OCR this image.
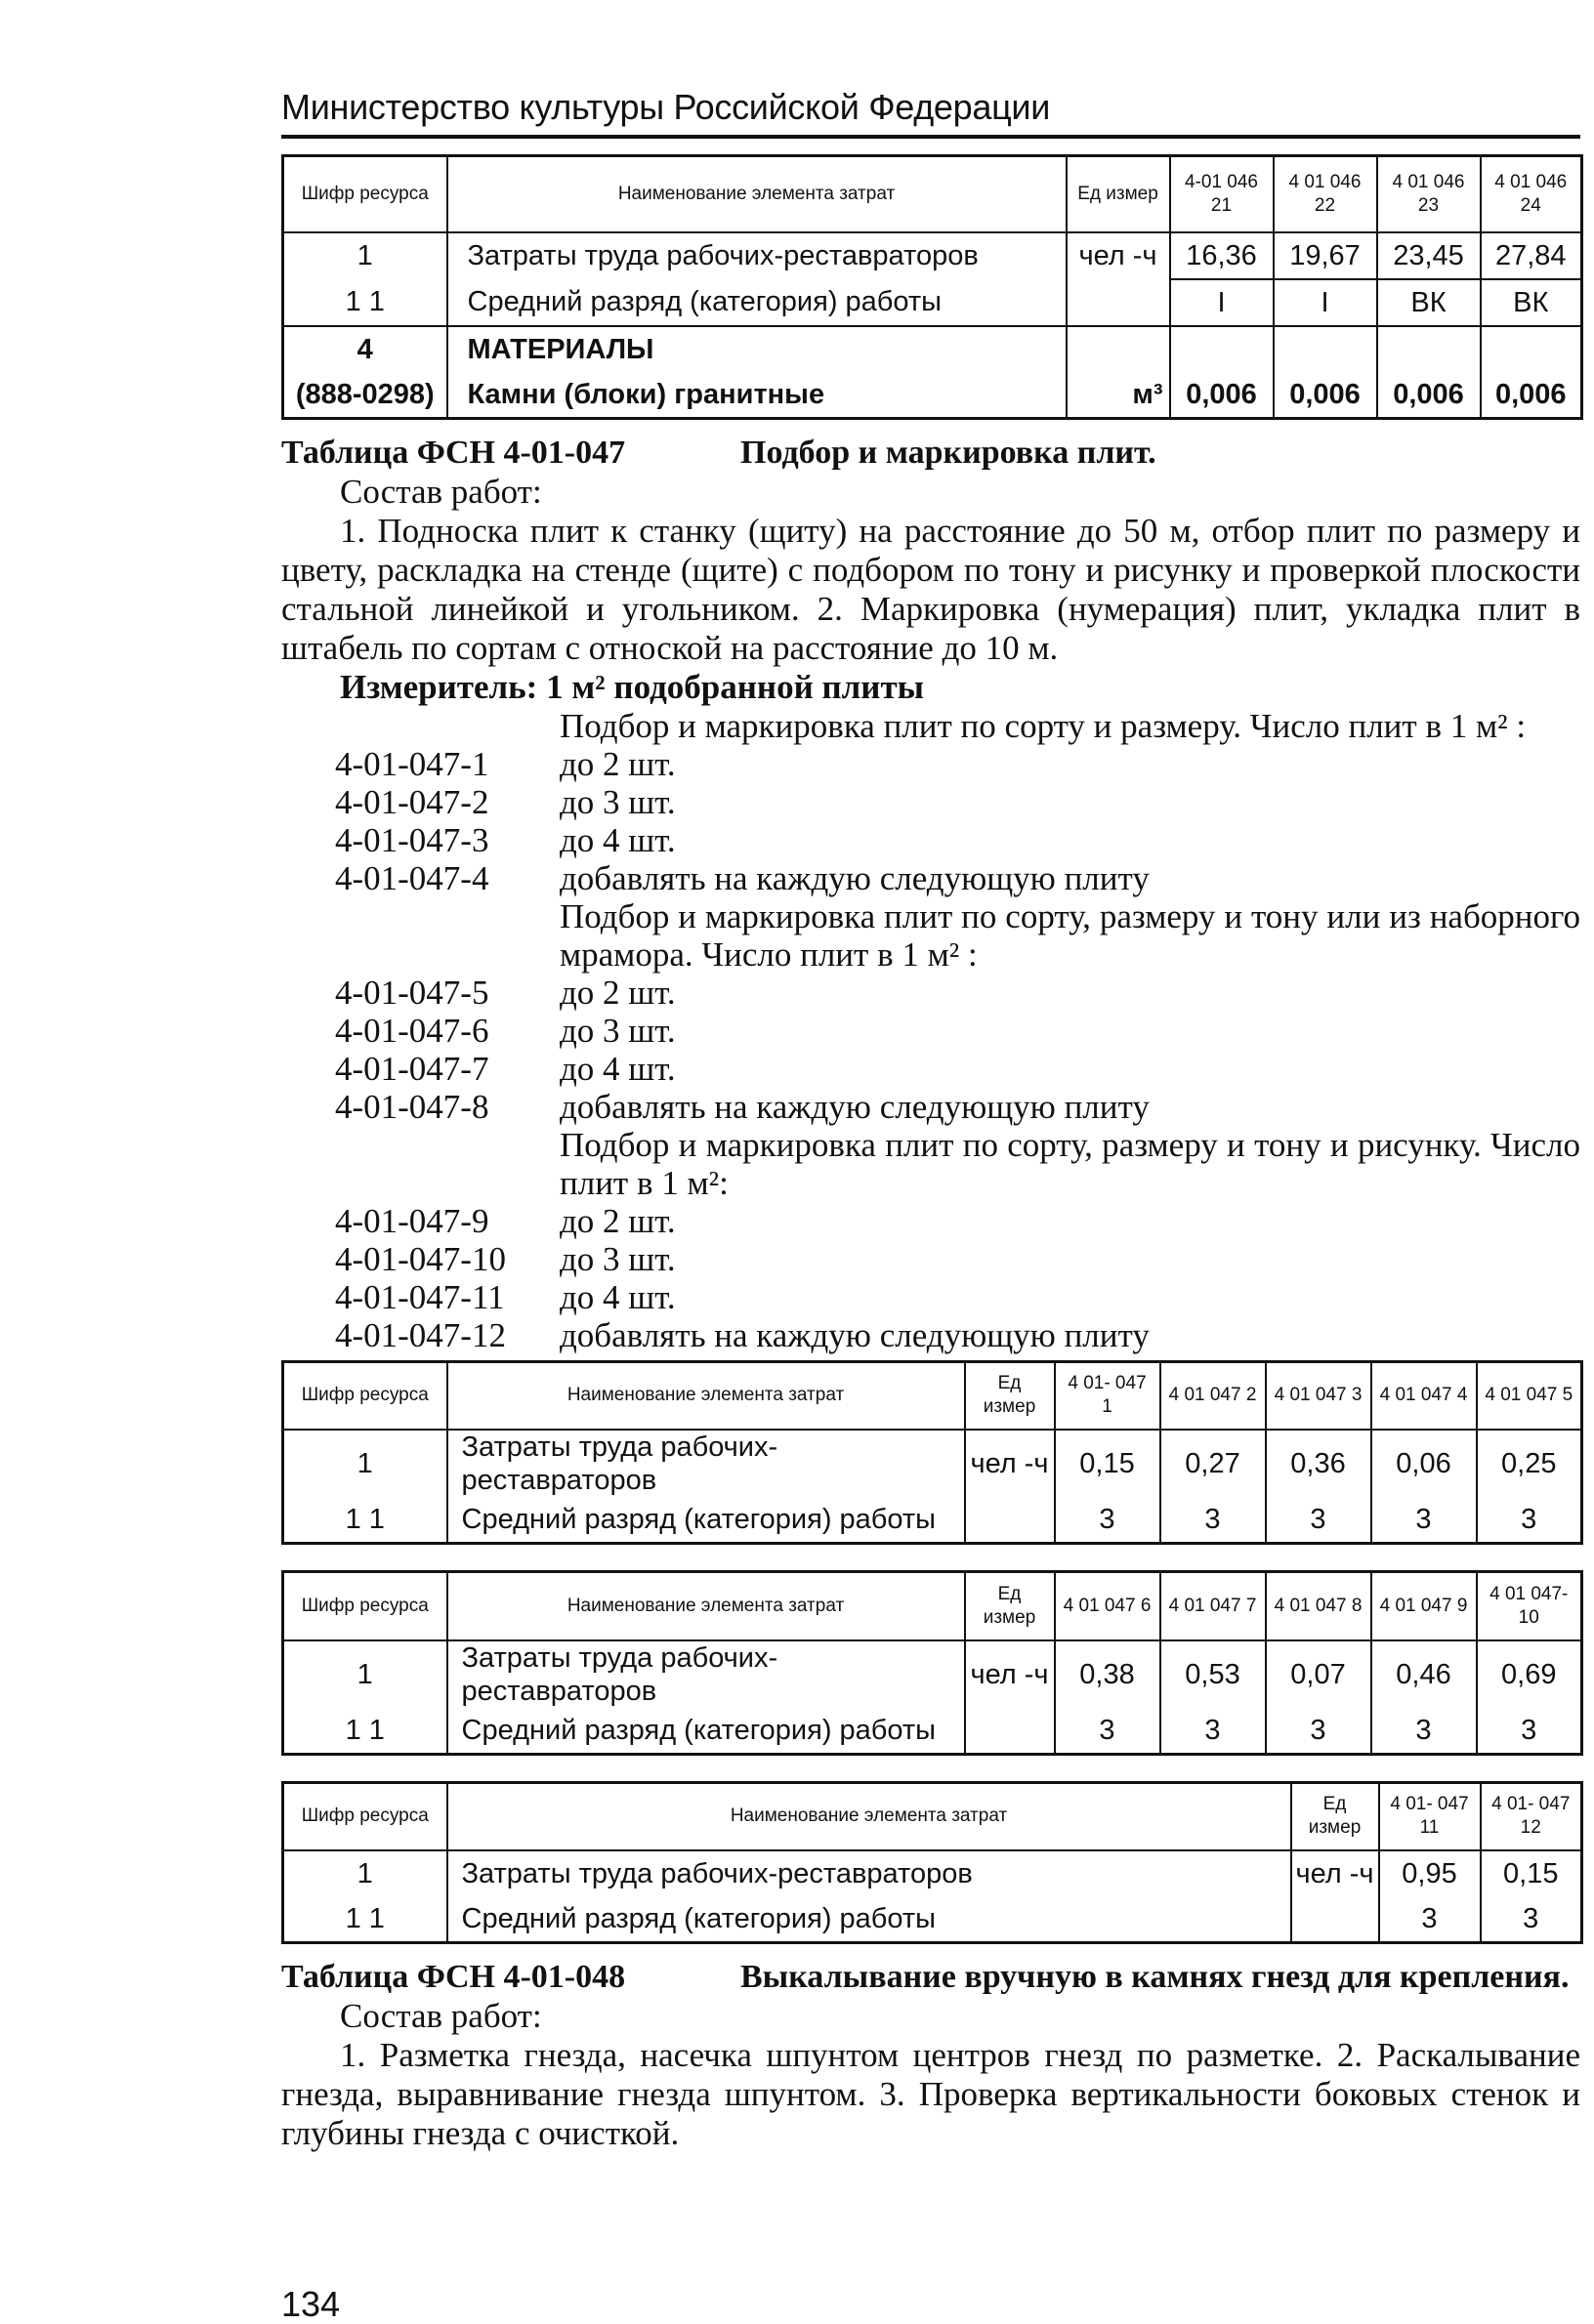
Министерство культуры Российской Федерации
Шифр ресурса	Наименование элемента затрат	Ед измер	4-01 046 21	4 01 046 22	4 01 046 23	4 01 046 24
1	Затраты труда рабочих-реставраторов	чел -ч	16,36	19,67	23,45	27,84
1 1	Средний разряд (категория) работы		I	I	ВК	ВК
4	МАТЕРИАЛЫ					
(888-0298)	Камни (блоки) гранитные	м³	0,006	0,006	0,006	0,006
Таблица ФСН 4-01-047	Подбор и маркировка плит.
Состав работ:
1. Подноска плит к станку (щиту) на расстояние до 50 м, отбор плит по размеру и цвету, раскладка на стенде (щите) с подбором по тону и рисунку и проверкой плоскости стальной линейкой и угольником. 2. Маркировка (нумерация) плит, укладка плит в штабель по сортам с отноской на расстояние до 10 м.
Измеритель: 1 м² подобранной плиты
Подбор и маркировка плит по сорту и размеру. Число плит в 1 м² :
4-01-047-1	до 2 шт.
4-01-047-2	до 3 шт.
4-01-047-3	до 4 шт.
4-01-047-4	добавлять на каждую следующую плиту
Подбор и маркировка плит по сорту, размеру и тону или из наборного мрамора. Число плит в 1 м² :
4-01-047-5	до 2 шт.
4-01-047-6	до 3 шт.
4-01-047-7	до 4 шт.
4-01-047-8	добавлять на каждую следующую плиту
Подбор и маркировка плит по сорту, размеру и тону и рисунку. Число плит в 1 м²:
4-01-047-9	до 2 шт.
4-01-047-10	до 3 шт.
4-01-047-11	до 4 шт.
4-01-047-12	добавлять на каждую следующую плиту
Шифр ресурса	Наименование элемента затрат	Ед измер	4 01- 047 1	4 01 047 2	4 01 047 3	4 01 047 4	4 01 047 5
1	Затраты труда рабочих-реставраторов	чел -ч	0,15	0,27	0,36	0,06	0,25
1 1	Средний разряд (категория) работы		3	3	3	3	3
Шифр ресурса	Наименование элемента затрат	Ед измер	4 01 047 6	4 01 047 7	4 01 047 8	4 01 047 9	4 01 047-10
1	Затраты труда рабочих-реставраторов	чел -ч	0,38	0,53	0,07	0,46	0,69
1 1	Средний разряд (категория) работы		3	3	3	3	3
Шифр ресурса	Наименование элемента затрат	Ед измер	4 01- 047 11	4 01- 047 12
1	Затраты труда рабочих-реставраторов	чел -ч	0,95	0,15
1 1	Средний разряд (категория) работы		3	3
Таблица ФСН 4-01-048	Выкалывание вручную в камнях гнезд для крепления.
Состав работ:
1. Разметка гнезда, насечка шпунтом центров гнезд по разметке. 2. Раскалывание гнезда, выравнивание гнезда шпунтом. 3. Проверка вертикальности боковых стенок и глубины гнезда с очисткой.
134
